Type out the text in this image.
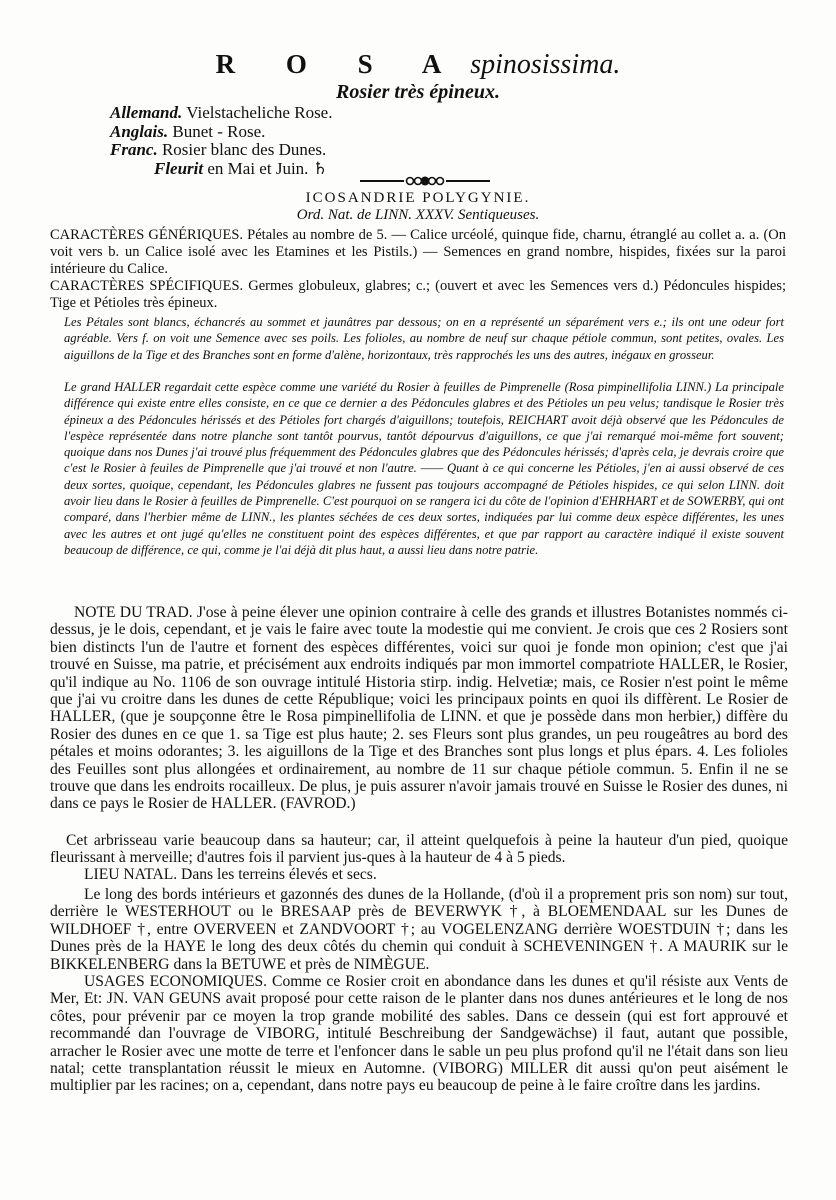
R O S A spinosissima.
Rosier très épineux.
Allemand. Vielstacheliche Rose.
Anglais. Bunet - Rose.
Franc. Rosier blanc des Dunes.
Fleurit en Mai et Juin. ♄
ICOSANDRIE POLYGYNIE.
Ord. Nat. de LINN. XXXV. Sentiqueuses.
CARACTÈRES GÉNÉRIQUES. Pétales au nombre de 5. — Calice urcéolé, quinque fide, charnu, étranglé au collet a. a. (On voit vers b. un Calice isolé avec les Etamines et les Pistils.) — Semences en grand nombre, hispides, fixées sur la paroi intérieure du Calice.
CARACTÈRES SPÉCIFIQUES. Germes globuleux, glabres; c.; (ouvert et avec les Semences vers d.) Pédoncules hispides; Tige et Pétioles très épineux.
Les Pétales sont blancs, échancrés au sommet et jaunâtres par dessous; on en a représenté un séparément vers e.; ils ont une odeur fort agréable. Vers f. on voit une Semence avec ses poils. Les folioles, au nombre de neuf sur chaque pétiole commun, sont petites, ovales. Les aiguillons de la Tige et des Branches sont en forme d'alène, horizontaux, très rapprochés les uns des autres, inégaux en grosseur.
Le grand HALLER regardait cette espèce comme une variété du Rosier à feuilles de Pimprenelle (Rosa pimpinellifolia LINN.) La principale différence qui existe entre elles consiste, en ce que ce dernier a des Pédoncules glabres et des Pétioles un peu velus; tandisque le Rosier très épineux a des Pédoncules hérissés et des Pétioles fort chargés d'aiguillons; toutefois, REICHART avoit déjà observé que les Pédoncules de l'espèce représentée dans notre planche sont tantôt pourvus, tantôt dépourvus d'aiguillons, ce que j'ai remarqué moi-même fort souvent; quoique dans nos Dunes j'ai trouvé plus fréquemment des Pédoncules glabres que des Pédoncules hérissés; d'après cela, je devrais croire que c'est le Rosier à feuiles de Pimprenelle que j'ai trouvé et non l'autre. —— Quant à ce qui concerne les Pétioles, j'en ai aussi observé de ces deux sortes, quoique, cependant, les Pédoncules glabres ne fussent pas toujours accompagné de Pétioles hispides, ce qui selon LINN. doit avoir lieu dans le Rosier à feuilles de Pimprenelle. C'est pourquoi on se rangera ici du côte de l'opinion d'EHRHART et de SOWERBY, qui ont comparé, dans l'herbier même de LINN., les plantes séchées de ces deux sortes, indiquées par lui comme deux espèce différentes, les unes avec les autres et ont jugé qu'elles ne constituent point des espèces différentes, et que par rapport au caractère indiqué il existe souvent beaucoup de différence, ce qui, comme je l'ai déjà dit plus haut, a aussi lieu dans notre patrie.
NOTE DU TRAD. J'ose à peine élever une opinion contraire à celle des grands et illustres Botanistes nommés ci-dessus, je le dois, cependant, et je vais le faire avec toute la modestie qui me convient. Je crois que ces 2 Rosiers sont bien distincts l'un de l'autre et fornent des espèces différentes, voici sur quoi je fonde mon opinion; c'est que j'ai trouvé en Suisse, ma patrie, et précisément aux endroits indiqués par mon immortel compatriote HALLER, le Rosier, qu'il indique au No. 1106 de son ouvrage intitulé Historia stirp. indig. Helvetiæ; mais, ce Rosier n'est point le même que j'ai vu croitre dans les dunes de cette République; voici les principaux points en quoi ils diffèrent. Le Rosier de HALLER, (que je soupçonne être le Rosa pimpinellifolia de LINN. et que je possède dans mon herbier,) diffère du Rosier des dunes en ce que 1. sa Tige est plus haute; 2. ses Fleurs sont plus grandes, un peu rougeâtres au bord des pétales et moins odorantes; 3. les aiguillons de la Tige et des Branches sont plus longs et plus épars. 4. Les folioles des Feuilles sont plus allongées et ordinairement, au nombre de 11 sur chaque pétiole commun. 5. Enfin il ne se trouve que dans les endroits rocailleux. De plus, je puis assurer n'avoir jamais trouvé en Suisse le Rosier des dunes, ni dans ce pays le Rosier de HALLER. (FAVROD.)
Cet arbrisseau varie beaucoup dans sa hauteur; car, il atteint quelquefois à peine la hauteur d'un pied, quoique fleurissant à merveille; d'autres fois il parvient jus-ques à la hauteur de 4 à 5 pieds.
LIEU NATAL. Dans les terreins élevés et secs.
Le long des bords intérieurs et gazonnés des dunes de la Hollande, (d'où il a proprement pris son nom) sur tout, derrière le WESTERHOUT ou le BRESAAP près de BEVERWYK †, à BLOEMENDAAL sur les Dunes de WILDHOEF †, entre OVERVEEN et ZANDVOORT †; au VOGELENZANG derrière WOESTDUIN †; dans les Dunes près de la HAYE le long des deux côtés du chemin qui conduit à SCHEVENINGEN †. A MAURIK sur le BIKKELENBERG dans la BETUWE et près de NIMÈGUE.
USAGES ECONOMIQUES. Comme ce Rosier croit en abondance dans les dunes et qu'il résiste aux Vents de Mer, Et: JN. VAN GEUNS avait proposé pour cette raison de le planter dans nos dunes antérieures et le long de nos côtes, pour prévenir par ce moyen la trop grande mobilité des sables. Dans ce dessein (qui est fort approuvé et recommandé dan l'ouvrage de VIBORG, intitulé Beschreibung der Sandgewächse) il faut, autant que possible, arracher le Rosier avec une motte de terre et l'enfoncer dans le sable un peu plus profond qu'il ne l'était dans son lieu natal; cette transplantation réussit le mieux en Automne. (VIBORG) MILLER dit aussi qu'on peut aisément le multiplier par les racines; on a, cependant, dans notre pays eu beaucoup de peine à le faire croître dans les jardins.
